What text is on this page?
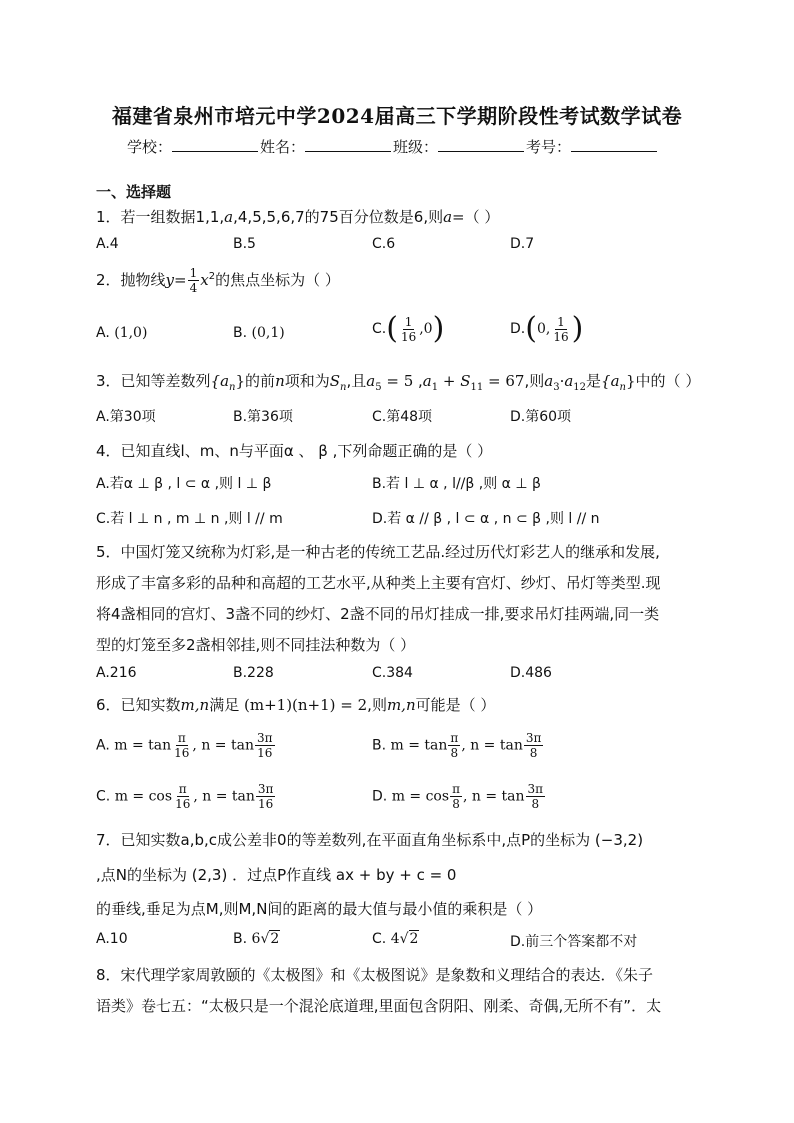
福建省泉州市培元中学2024届高三下学期阶段性考试数学试卷
学校：	姓名：	班级：	考号：
一、选择题
1．若一组数据1,1,a,4,5,5,6,7的75百分位数是6,则a=（ ）
A.4	B.5	C.6	D.7
2．抛物线$y= \frac{1}{4} x^2$的焦点坐标为（ ）
A. (1,0)	B. (0,1)	$C.( \frac{1}{16} ,0)$	D.(0, $\frac{1}{16}$ )
3．已知等差数列$\{a_n\}$的前n项和为$S_n$,且$a_5 = 5$ $,a_1 + S_{11} = 67$,则$a_3\cdot a_{12}$是$\{a_n\}$中的（ ）
A.第30项	B.第36项	C.第48项	D.第60项
4．已知直线l、m、n与平面α 、 β ,下列命题正确的是（ ）
A.若α ⊥ β , l ⊂ α ,则 l ⊥ β	B.若 l ⊥ α , l//β ,则 α ⊥ β
C.若 l ⊥ n , m ⊥ n ,则 l // m	D.若 α // β , l ⊂ α , n ⊂ β ,则 l // n
5．中国灯笼又统称为灯彩,是一种古老的传统工艺品.经过历代灯彩艺人的继承和发展,
形成了丰富多彩的品种和高超的工艺水平,从种类上主要有宫灯、纱灯、吊灯等类型.现
将4盏相同的宫灯、3盏不同的纱灯、2盏不同的吊灯挂成一排,要求吊灯挂两端,同一类
型的灯笼至多2盏相邻挂,则不同挂法种数为（ ）
A.216	B.228	C.384	D.486
6．已知实数m,n满足 (m+1)(n+1) = 2,则m,n可能是（ ）
A. $m = \tan \frac{\pi}{16}$ , $n = \tan \frac{3\pi}{16}$	B. $m = \tan \frac{\pi}{8}$ , $n = \tan \frac{3\pi}{8}$
C. $m = \cos \frac{\pi}{16}$ , $n = \tan \frac{3\pi}{16}$	D. $m = \cos \frac{\pi}{8}$ , $n = \tan \frac{3\pi}{8}$
7．已知实数a,b,c成公差非0的等差数列,在平面直角坐标系中,点P的坐标为 (−3,2)
,点N的坐标为 (2,3) ．过点P作直线 ax + by + c = 0
的垂线,垂足为点M,则M,N间的距离的最大值与最小值的乘积是（ ）
A.10	B. 6√2	C. 4√2	D.前三个答案都不对
8．宋代理学家周敦颐的《太极图》和《太极图说》是象数和义理结合的表达．《朱子
语类》卷七五：“太极只是一个混沦底道理,里面包含阴阳、刚柔、奇偶,无所不有”．太
